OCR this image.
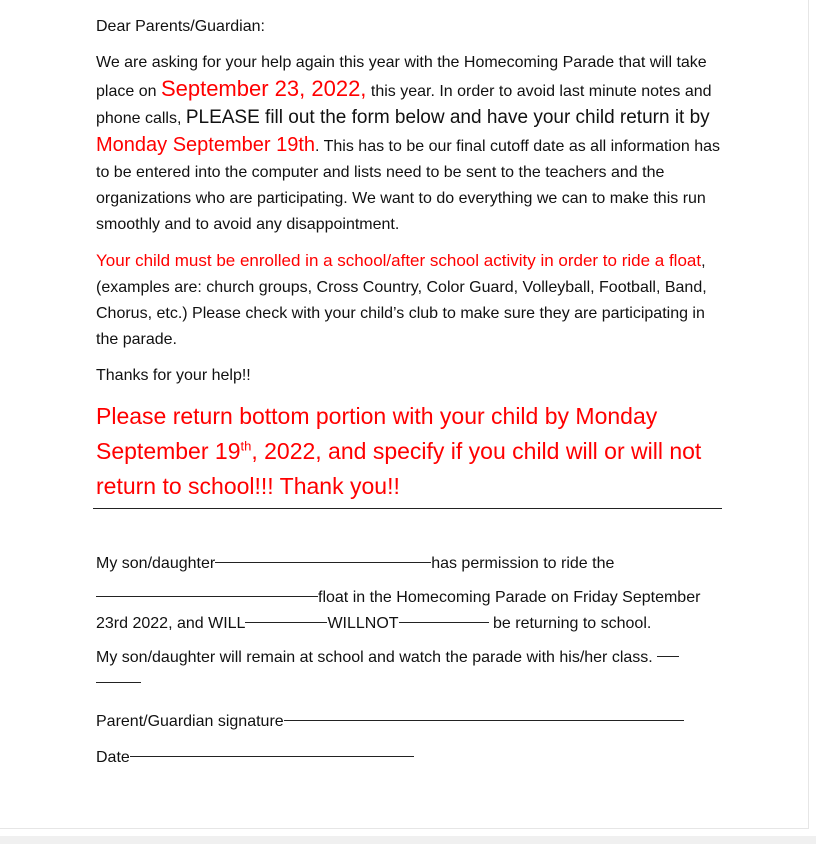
Dear Parents/Guardian:

We are asking for your help again this year with the Homecoming Parade that will take place on September 23, 2022, this year. In order to avoid last minute notes and phone calls, PLEASE fill out the form below and have your child return it by Monday September 19th. This has to be our final cutoff date as all information has to be entered into the computer and lists need to be sent to the teachers and the organizations who are participating. We want to do everything we can to make this run smoothly and to avoid any disappointment.

Your child must be enrolled in a school/after school activity in order to ride a float, (examples are: church groups, Cross Country, Color Guard, Volleyball, Football, Band, Chorus, etc.) Please check with your child’s club to make sure they are participating in the parade.

Thanks for your help!!

Please return bottom portion with your child by Monday September 19th, 2022, and specify if you child will or will not return to school!!! Thank you!!

My son/daughter	has permission to ride the

float in the Homecoming Parade on Friday September 23rd 2022, and WILL	WILLNOT	be returning to school.

My son/daughter will remain at school and watch the parade with his/her class.

Parent/Guardian signature

Date
